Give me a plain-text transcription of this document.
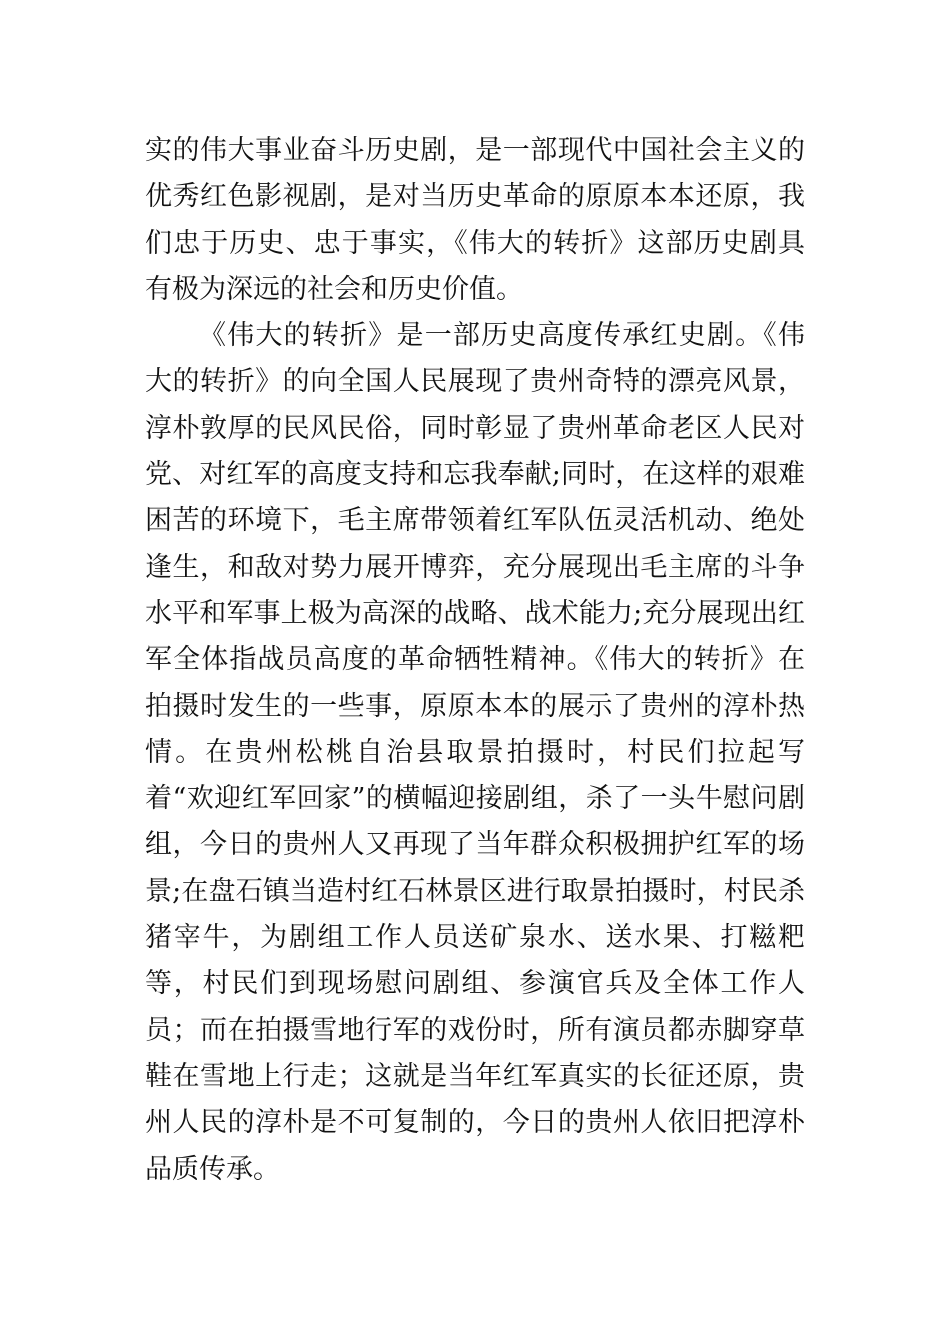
实的伟大事业奋斗历史剧，是一部现代中国社会主义的优秀红色影视剧，是对当历史革命的原原本本还原，我们忠于历史、忠于事实，《伟大的转折》这部历史剧具有极为深远的社会和历史价值。

《伟大的转折》是一部历史高度传承红史剧。《伟大的转折》的向全国人民展现了贵州奇特的漂亮风景，淳朴敦厚的民风民俗，同时彰显了贵州革命老区人民对党、对红军的高度支持和忘我奉献;同时，在这样的艰难困苦的环境下，毛主席带领着红军队伍灵活机动、绝处逢生，和敌对势力展开博弈，充分展现出毛主席的斗争水平和军事上极为高深的战略、战术能力;充分展现出红军全体指战员高度的革命牺牲精神。《伟大的转折》在拍摄时发生的一些事，原原本本的展示了贵州的淳朴热情。在贵州松桃自治县取景拍摄时，村民们拉起写着“欢迎红军回家”的横幅迎接剧组，杀了一头牛慰问剧组，今日的贵州人又再现了当年群众积极拥护红军的场景;在盘石镇当造村红石林景区进行取景拍摄时，村民杀猪宰牛，为剧组工作人员送矿泉水、送水果、打糍粑等，村民们到现场慰问剧组、参演官兵及全体工作人员；而在拍摄雪地行军的戏份时，所有演员都赤脚穿草鞋在雪地上行走；这就是当年红军真实的长征还原，贵州人民的淳朴是不可复制的，今日的贵州人依旧把淳朴品质传承。
